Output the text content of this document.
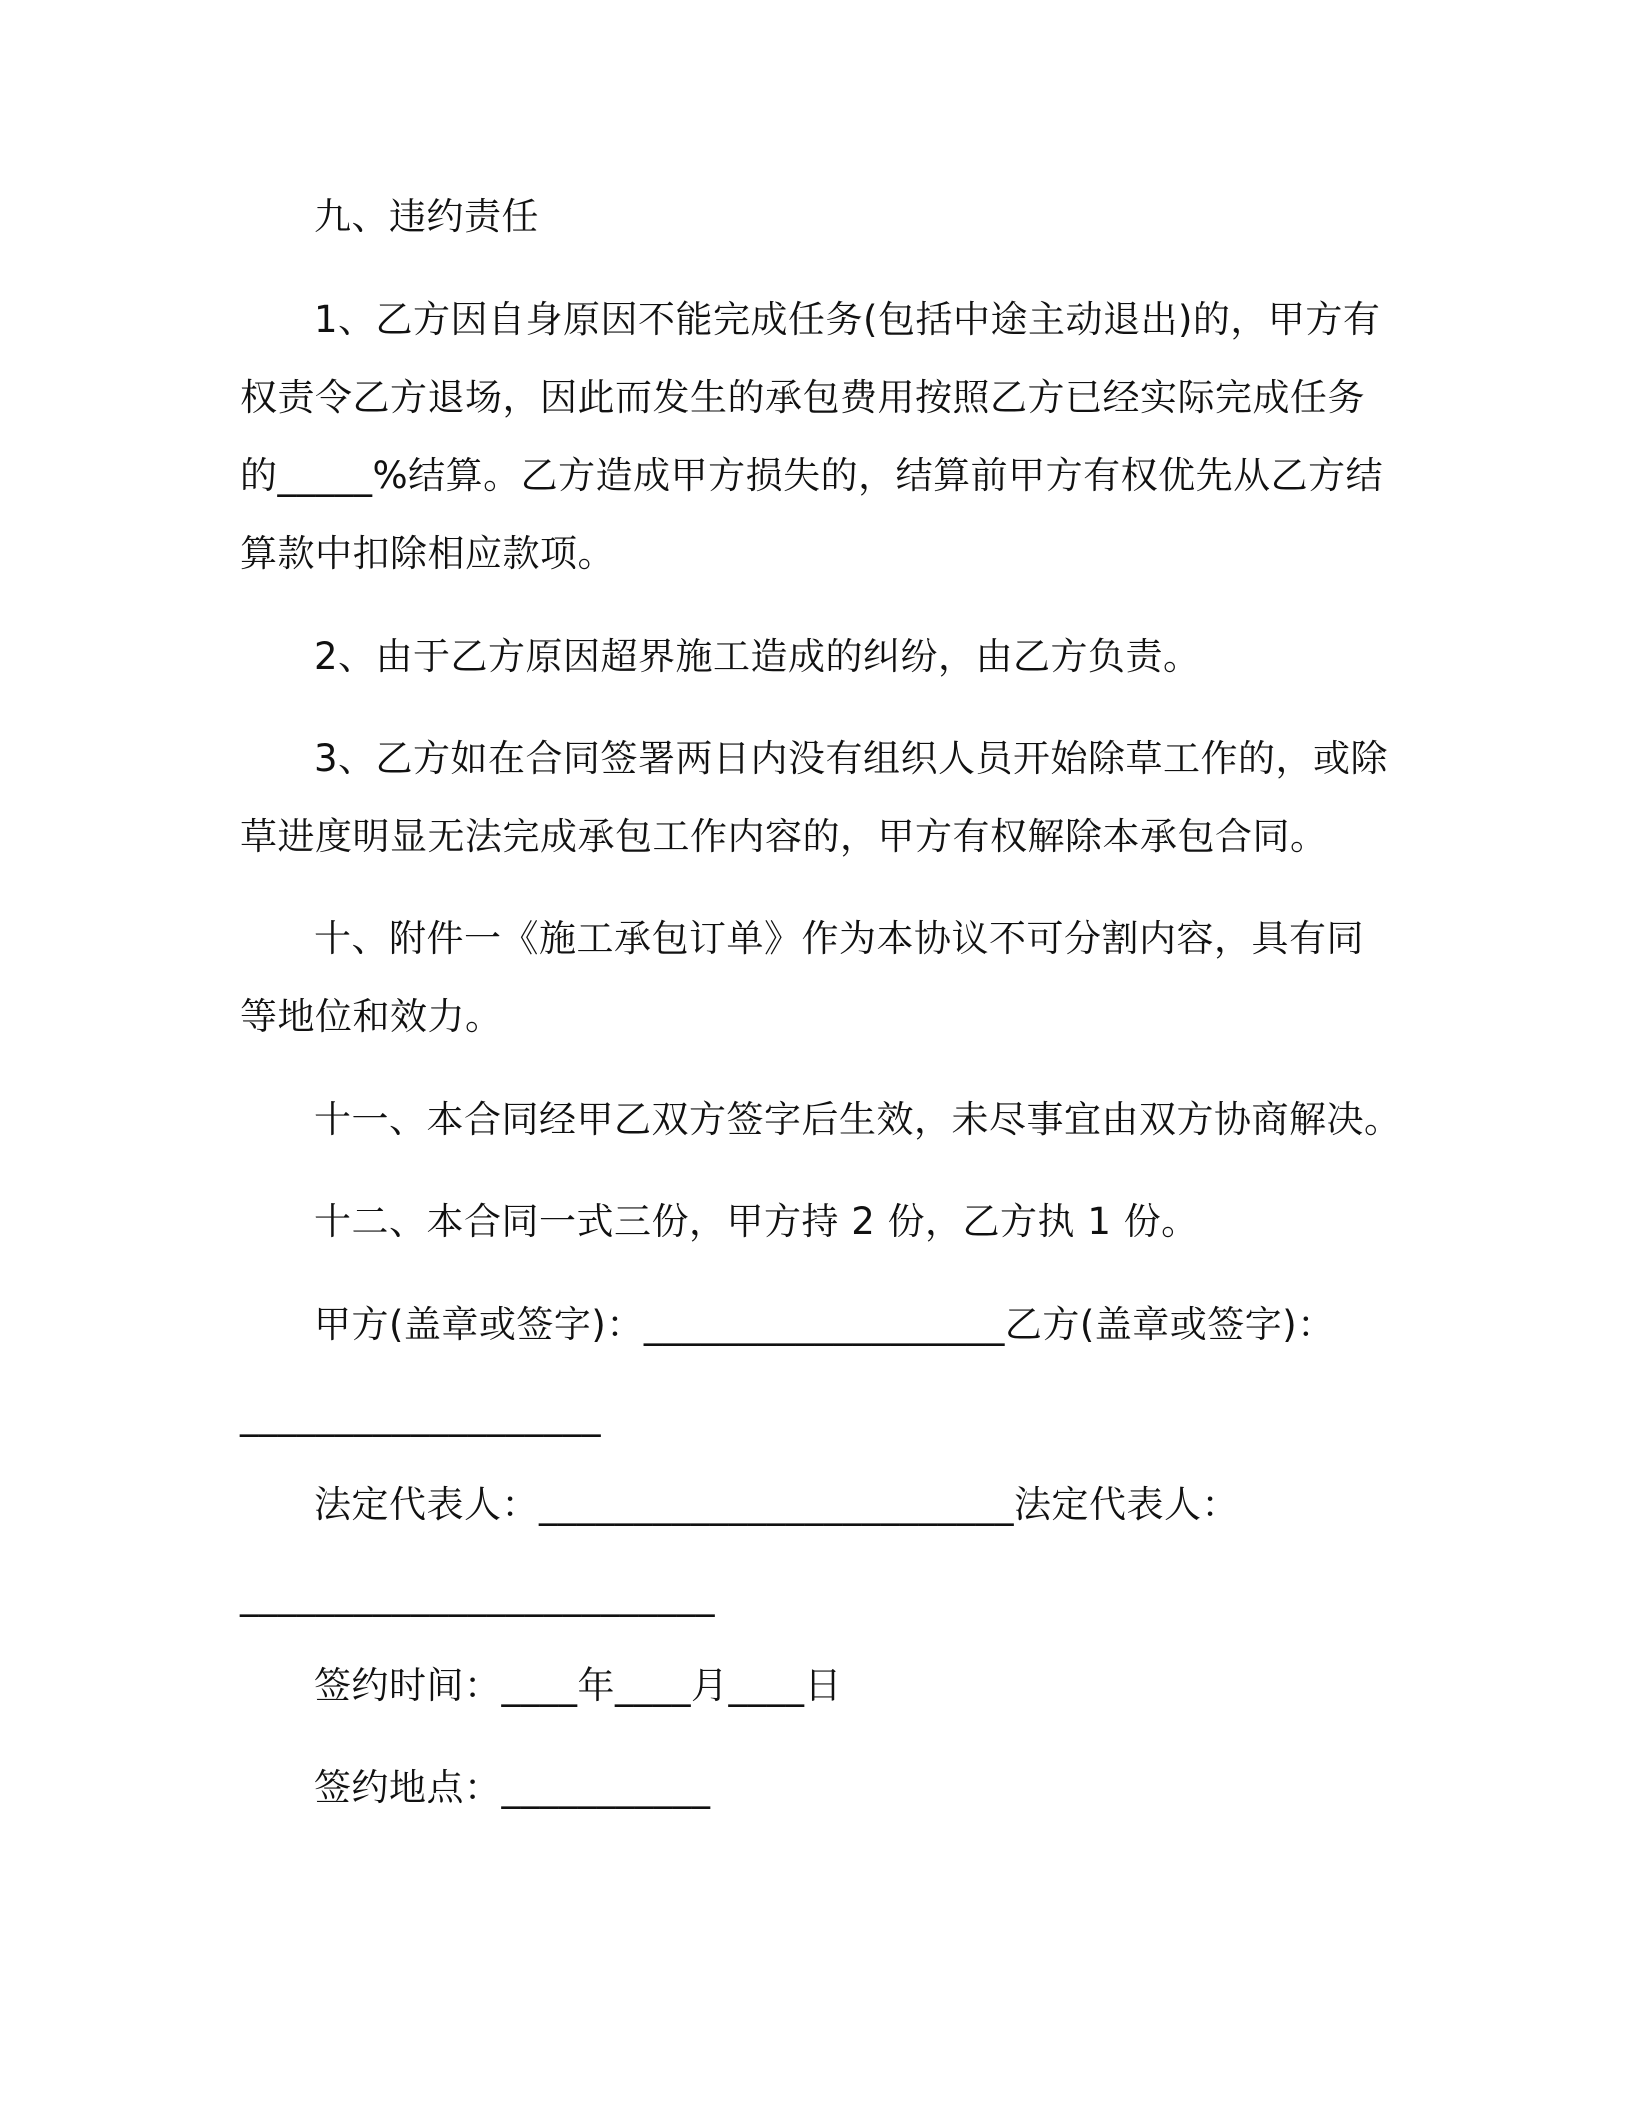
九、违约责任
1、乙方因自身原因不能完成任务(包括中途主动退出)的，甲方有
权责令乙方退场，因此而发生的承包费用按照乙方已经实际完成任务
的_____%结算。乙方造成甲方损失的，结算前甲方有权优先从乙方结
算款中扣除相应款项。
2、由于乙方原因超界施工造成的纠纷，由乙方负责。
3、乙方如在合同签署两日内没有组织人员开始除草工作的，或除
草进度明显无法完成承包工作内容的，甲方有权解除本承包合同。
十、附件一《施工承包订单》作为本协议不可分割内容，具有同
等地位和效力。
十一、本合同经甲乙双方签字后生效，未尽事宜由双方协商解决。
十二、本合同一式三份，甲方持 2 份，乙方执 1 份。
甲方(盖章或签字)：___________________乙方(盖章或签字)：
___________________
法定代表人：_________________________法定代表人：
_________________________
签约时间：____年____月____日
签约地点：___________
